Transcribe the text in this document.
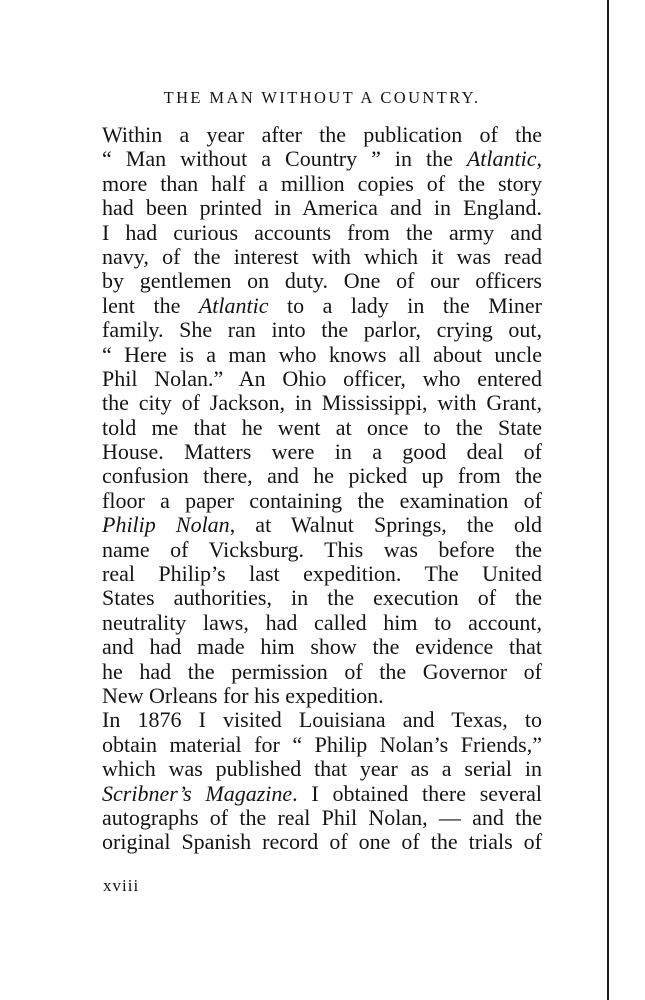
THE MAN WITHOUT A COUNTRY.
Within a year after the publication of the
“ Man without a Country ” in the Atlantic,
more than half a million copies of the story
had been printed in America and in England.
I had curious accounts from the army and
navy, of the interest with which it was read
by gentlemen on duty. One of our officers
lent the Atlantic to a lady in the Miner
family. She ran into the parlor, crying out,
“ Here is a man who knows all about uncle
Phil Nolan.” An Ohio officer, who entered
the city of Jackson, in Mississippi, with Grant,
told me that he went at once to the State
House. Matters were in a good deal of
confusion there, and he picked up from the
floor a paper containing the examination of
Philip Nolan, at Walnut Springs, the old
name of Vicksburg. This was before the
real Philip’s last expedition. The United
States authorities, in the execution of the
neutrality laws, had called him to account,
and had made him show the evidence that
he had the permission of the Governor of
New Orleans for his expedition.
In 1876 I visited Louisiana and Texas, to
obtain material for “ Philip Nolan’s Friends,”
which was published that year as a serial in
Scribner’s Magazine. I obtained there several
autographs of the real Phil Nolan, — and the
original Spanish record of one of the trials of
xviii
